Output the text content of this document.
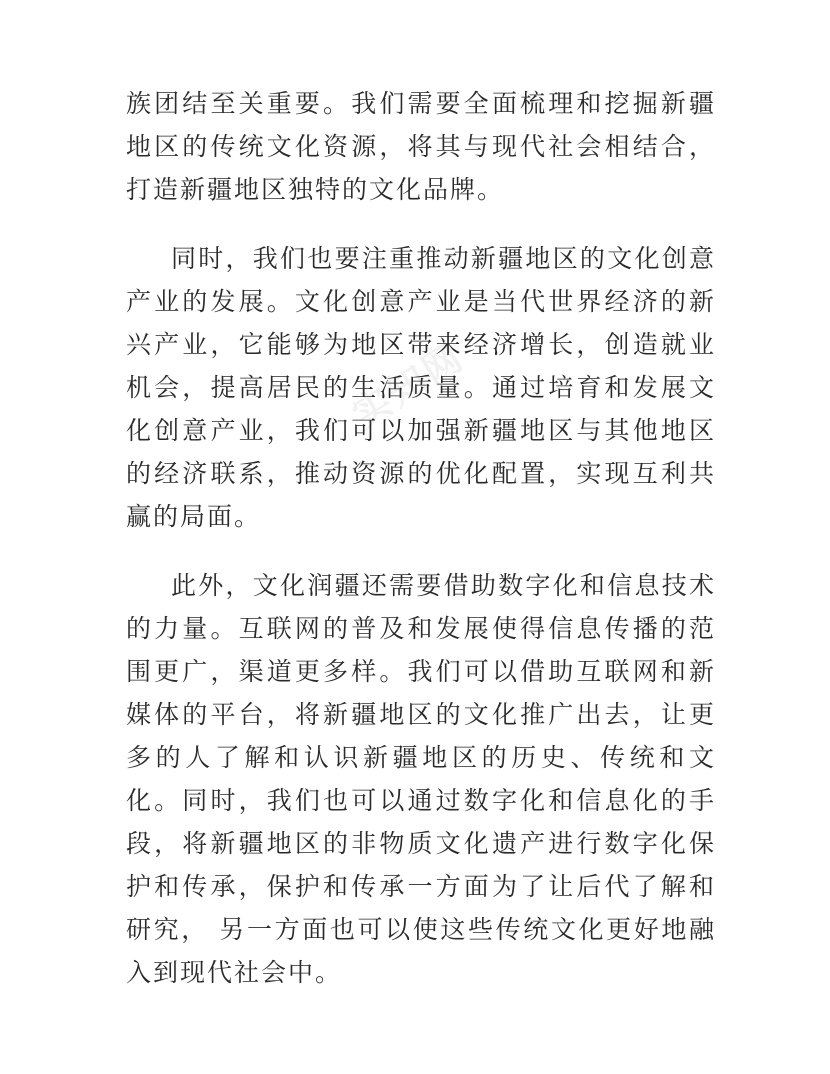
实知网

族团结至关重要。我们需要全面梳理和挖掘新疆地区的传统文化资源，将其与现代社会相结合，打造新疆地区独特的文化品牌。

同时，我们也要注重推动新疆地区的文化创意产业的发展。文化创意产业是当代世界经济的新兴产业，它能够为地区带来经济增长，创造就业机会，提高居民的生活质量。通过培育和发展文化创意产业，我们可以加强新疆地区与其他地区的经济联系，推动资源的优化配置，实现互利共赢的局面。

此外，文化润疆还需要借助数字化和信息技术的力量。互联网的普及和发展使得信息传播的范围更广，渠道更多样。我们可以借助互联网和新媒体的平台，将新疆地区的文化推广出去，让更多的人了解和认识新疆地区的历史、传统和文化。同时，我们也可以通过数字化和信息化的手段，将新疆地区的非物质文化遗产进行数字化保护和传承，保护和传承一方面为了让后代了解和研究， 另一方面也可以使这些传统文化更好地融入到现代社会中。
